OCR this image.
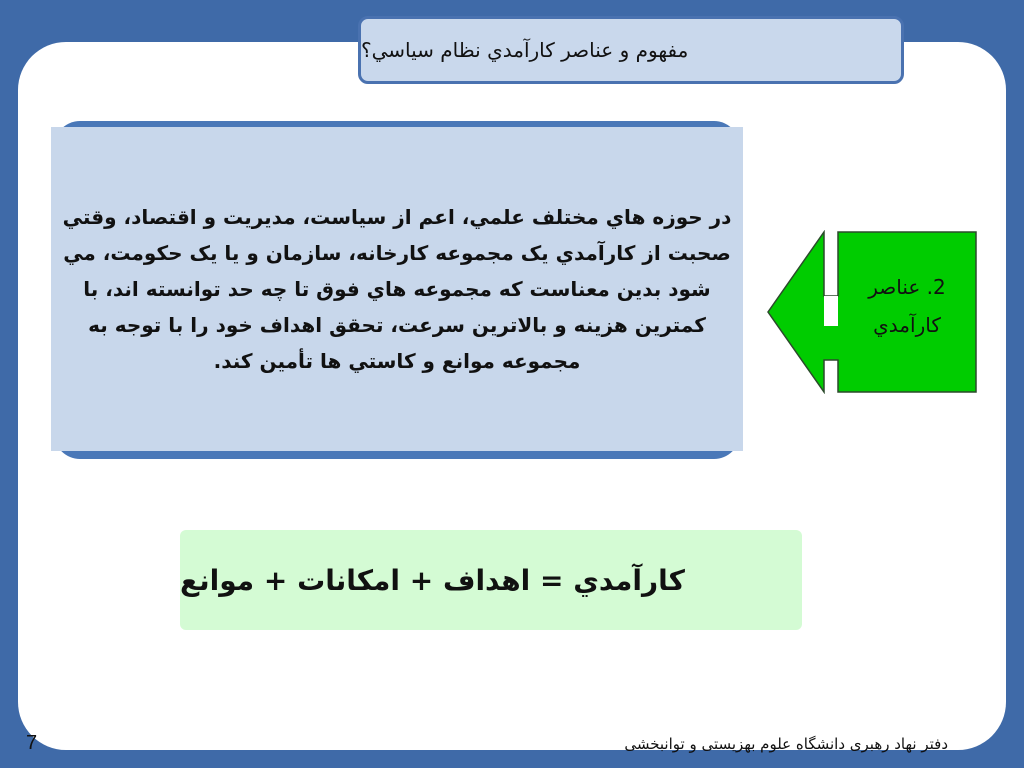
مفهوم و عناصر کارآمدي نظام سياسي؟

در حوزه هاي مختلف علمي، اعم از سياست، مديريت و اقتصاد، وقتي صحبت از کارآمدي يک مجموعه کارخانه، سازمان و يا يک حکومت، مي شود بدين معناست که مجموعه هاي فوق تا چه حد توانسته اند، با کمترين هزينه و بالاترين سرعت، تحقق اهداف خود را با توجه به مجموعه موانع و کاستي ها تأمين کند.

2. عناصر
کارآمدي
کارآمدي = اهداف + امکانات + موانع
دفتر نهاد رهبری دانشگاه علوم بهزیستی و توانبخشی
7
